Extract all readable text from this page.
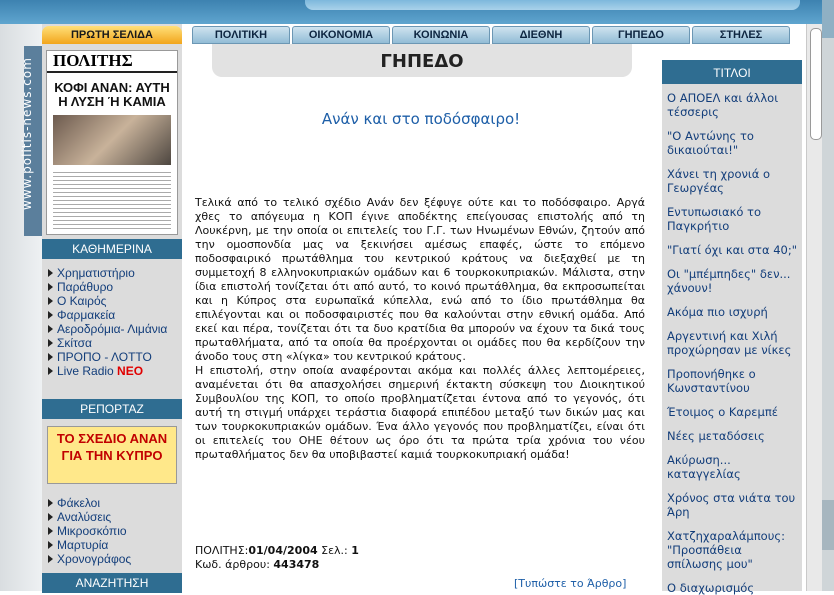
www.politis-news.com
ΠΡΩΤΗ ΣΕΛΙΔΑ
ΠΟΛΙΤΗΣ
ΚΟΦΙ ΑΝΑΝ: ΑΥΤΗ Η ΛΥΣΗ Ή ΚΑΜΙΑ
ΚΑΘΗΜΕΡΙΝΑ
Χρηματιστήριο
Παράθυρο
Ο Καιρός
Φαρμακεία
Αεροδρόμια- Λιμάνια
Σκίτσα
ΠΡΟΠΟ - ΛΟΤΤΟ
Live Radio NEO
ΡΕΠΟΡΤΑΖ
ΤΟ ΣΧΕΔΙΟ ΑΝΑΝ ΓΙΑ ΤΗΝ ΚΥΠΡΟ
Φάκελοι
Αναλύσεις
Μικροσκόπιο
Μαρτυρία
Χρονογράφος
ΑΝΑΖΗΤΗΣΗ
ΠΟΛΙΤΙΚΗ	ΟΙΚΟΝΟΜΙΑ	ΚΟΙΝΩΝΙΑ	ΔΙΕΘΝΗ	ΓΗΠΕΔΟ	ΣΤΗΛΕΣ
ΓΗΠΕΔΟ
Ανάν και στο ποδόσφαιρο!

Τελικά από το τελικό σχέδιο Ανάν δεν ξέφυγε ούτε και το ποδόσφαιρο. Αργά χθες το απόγευμα η ΚΟΠ έγινε αποδέκτης επείγουσας επιστολής από τη Λουκέρνη, με την οποία οι επιτελείς του Γ.Γ. των Ηνωμένων Εθνών, ζητούν από την ομοσπονδία μας να ξεκινήσει αμέσως επαφές, ώστε το επόμενο ποδοσφαιρικό πρωτάθλημα του κεντρικού κράτους να διεξαχθεί με τη συμμετοχή 8 ελληνοκυπριακών ομάδων και 6 τουρκοκυπριακών. Μάλιστα, στην ίδια επιστολή τονίζεται ότι από αυτό, το κοινό πρωτάθλημα, θα εκπροσωπείται και η Κύπρος στα ευρωπαϊκά κύπελλα, ενώ από το ίδιο πρωτάθλημα θα επιλέγονται και οι ποδοσφαιριστές που θα καλούνται στην εθνική ομάδα. Από εκεί και πέρα, τονίζεται ότι τα δυο κρατίδια θα μπορούν να έχουν τα δικά τους πρωταθλήματα, από τα οποία θα προέρχονται οι ομάδες που θα κερδίζουν την άνοδο τους στη «λίγκα» του κεντρικού κράτους.

Η επιστολή, στην οποία αναφέρονται ακόμα και πολλές άλλες λεπτομέρειες, αναμένεται ότι θα απασχολήσει σημερινή έκτακτη σύσκεψη του Διοικητικού Συμβουλίου της ΚΟΠ, το οποίο προβληματίζεται έντονα από το γεγονός, ότι αυτή τη στιγμή υπάρχει τεράστια διαφορά επιπέδου μεταξύ των δικών μας και των τουρκοκυπριακών ομάδων. Ένα άλλο γεγονός που προβληματίζει, είναι ότι οι επιτελείς του ΟΗΕ θέτουν ως όρο ότι τα πρώτα τρία χρόνια του νέου πρωταθλήματος δεν θα υποβιβαστεί καμιά τουρκοκυπριακή ομάδα!

ΠΟΛΙΤΗΣ:01/04/2004 Σελ.: 1
Κωδ. άρθρου: 443478
[Τυπώστε το Άρθρο]
ΤΙΤΛΟΙ
Ο ΑΠΟΕΛ και άλλοι τέσσερις
"Ο Αντώνης το δικαιούται!"
Χάνει τη χρονιά ο Γεωργέας
Εντυπωσιακό το Παγκρήτιο
"Γιατί όχι και στα 40;"
Οι "μπέμπηδες" δεν... χάνουν!
Ακόμα πιο ισχυρή
Αργεντινή και Χιλή προχώρησαν με νίκες
Προπονήθηκε ο Κωνσταντίνου
Έτοιμος ο Καρεμπέ
Νέες μεταδόσεις
Ακύρωση... καταγγελίας
Χρόνος στα νιάτα του Άρη
Χατζηχαραλάμπους: "Προσπάθεια σπίλωσης μου"
Ο διαχωρισμός
